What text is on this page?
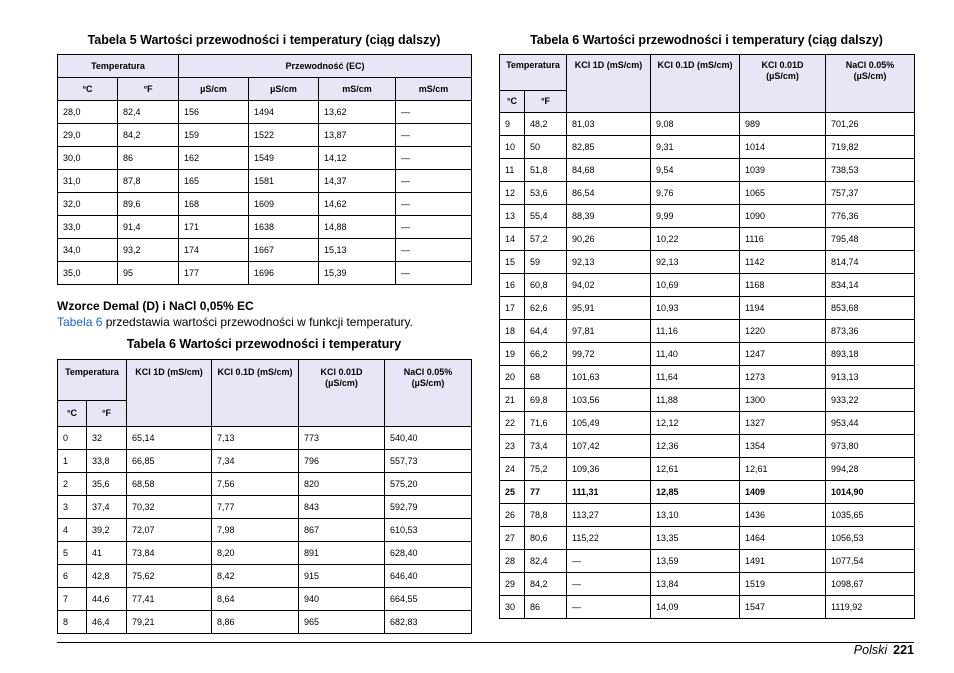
Tabela 5 Wartości przewodności i temperatury (ciąg dalszy)
Temperatura		Przewodność (EC)			
°C	°F	µS/cm	µS/cm	mS/cm	mS/cm
28,0	82,4	156	1494	13,62	—
29,0	84,2	159	1522	13,87	—
30,0	86	162	1549	14,12	—
31,0	87,8	165	1581	14,37	—
32,0	89,6	168	1609	14,62	—
33,0	91,4	171	1638	14,88	—
34,0	93,2	174	1667	15,13	—
35,0	95	177	1696	15,39	—
Wzorce Demal (D) i NaCl 0,05% EC
Tabela 6 przedstawia wartości przewodności w funkcji temperatury.
Tabela 6 Wartości przewodności i temperatury
Temperatura		KCl 1D (mS/cm)	KCl 0.1D (mS/cm)	KCl 0.01D (µS/cm)	NaCl 0.05% (µS/cm)
°C	°F				
0	32	65,14	7,13	773	540,40
1	33,8	66,85	7,34	796	557,73
2	35,6	68,58	7,56	820	575,20
3	37,4	70,32	7,77	843	592,79
4	39,2	72,07	7,98	867	610,53
5	41	73,84	8,20	891	628,40
6	42,8	75,62	8,42	915	646,40
7	44,6	77,41	8,64	940	664,55
8	46,4	79,21	8,86	965	682,83
Tabela 6 Wartości przewodności i temperatury (ciąg dalszy)
Temperatura		KCl 1D (mS/cm)	KCl 0.1D (mS/cm)	KCl 0.01D (µS/cm)	NaCl 0.05% (µS/cm)
°C	°F				
9	48,2	81,03	9,08	989	701,26
10	50	82,85	9,31	1014	719,82
11	51,8	84,68	9,54	1039	738,53
12	53,6	86,54	9,76	1065	757,37
13	55,4	88,39	9,99	1090	776,36
14	57,2	90,26	10,22	1116	795,48
15	59	92,13	92,13	1142	814,74
16	60,8	94,02	10,69	1168	834,14
17	62,6	95,91	10,93	1194	853,68
18	64,4	97,81	11,16	1220	873,36
19	66,2	99,72	11,40	1247	893,18
20	68	101,63	11,64	1273	913,13
21	69,8	103,56	11,88	1300	933,22
22	71,6	105,49	12,12	1327	953,44
23	73,4	107,42	12,36	1354	973,80
24	75,2	109,36	12,61	12,61	994,28
25	77	111,31	12,85	1409	1014,90
26	78,8	113,27	13,10	1436	1035,65
27	80,6	115,22	13,35	1464	1056,53
28	82,4	—	13,59	1491	1077,54
29	84,2	—	13,84	1519	1098,67
30	86	—	14,09	1547	1119,92
Polski 221
